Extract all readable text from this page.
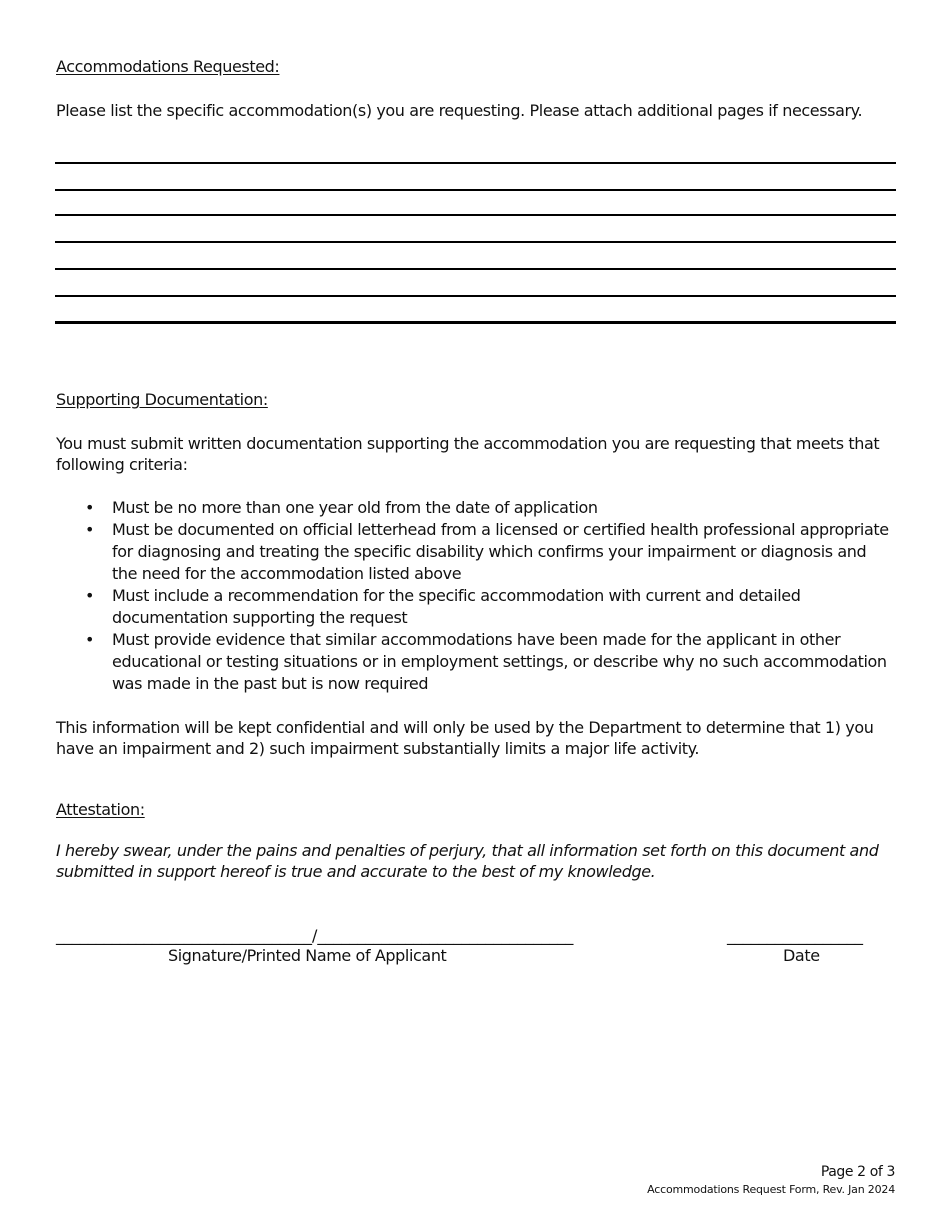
Accommodations Requested:
Please list the specific accommodation(s) you are requesting. Please attach additional pages if necessary.
Supporting Documentation:
You must submit written documentation supporting the accommodation you are requesting that meets that following criteria:
• Must be no more than one year old from the date of application
• Must be documented on official letterhead from a licensed or certified health professional appropriate for diagnosing and treating the specific disability which confirms your impairment or diagnosis and the need for the accommodation listed above
• Must include a recommendation for the specific accommodation with current and detailed documentation supporting the request
• Must provide evidence that similar accommodations have been made for the applicant in other educational or testing situations or in employment settings, or describe why no such accommodation was made in the past but is now required
This information will be kept confidential and will only be used by the Department to determine that 1) you have an impairment and 2) such impairment substantially limits a major life activity.
Attestation:
I hereby swear, under the pains and penalties of perjury, that all information set forth on this document and submitted in support hereof is true and accurate to the best of my knowledge.
________________________________/________________________________	_________________
Signature/Printed Name of Applicant	Date
Page 2 of 3
Accommodations Request Form, Rev. Jan 2024
